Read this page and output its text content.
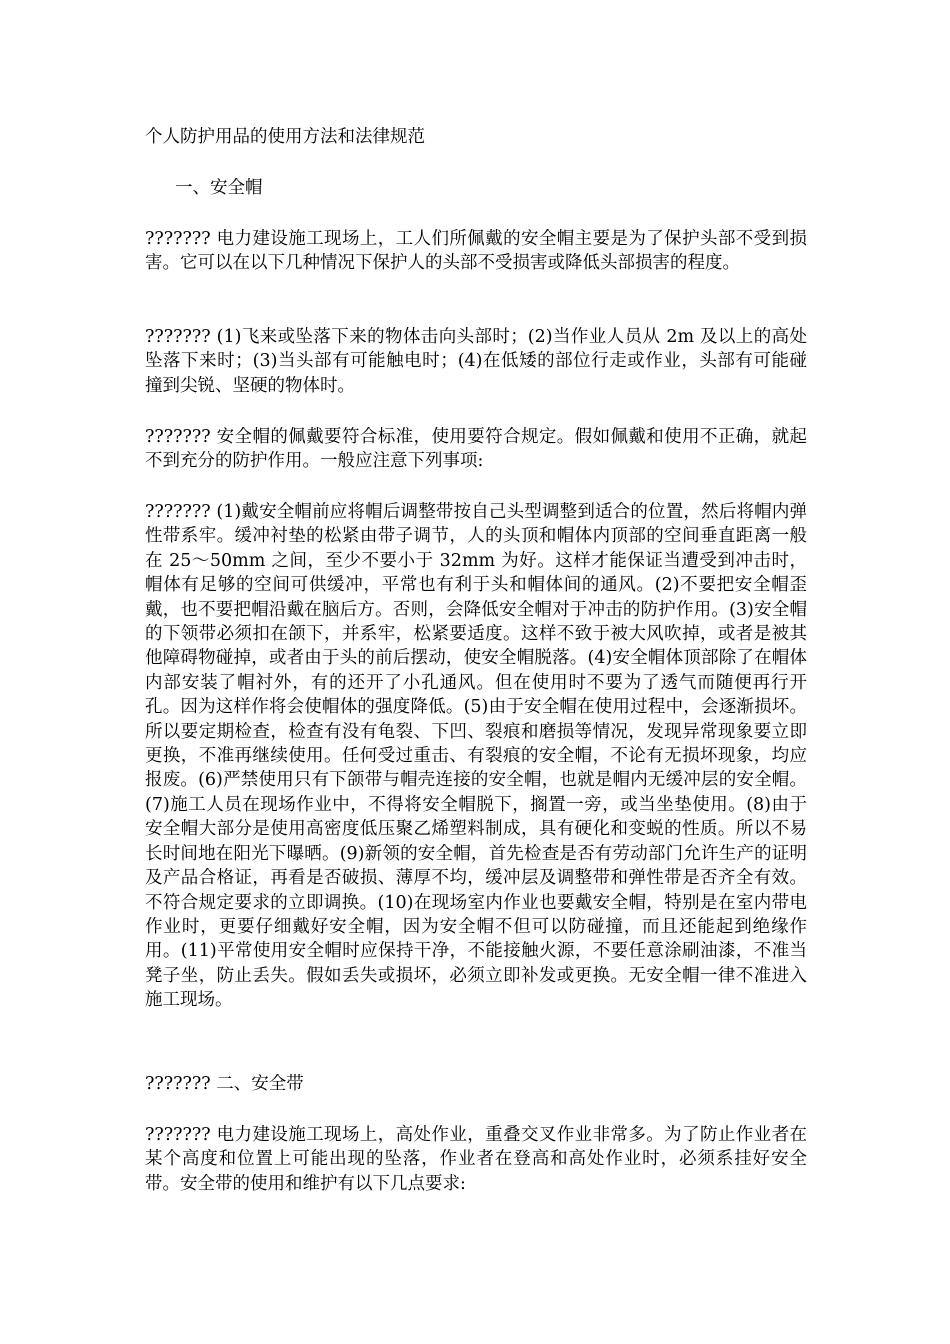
个人防护用品的使用方法和法律规范

一、安全帽

??????? 电力建设施工现场上，工人们所佩戴的安全帽主要是为了保护头部不受到损害。它可以在以下几种情况下保护人的头部不受损害或降低头部损害的程度。

??????? (1)飞来或坠落下来的物体击向头部时；(2)当作业人员从 2m 及以上的高处坠落下来时；(3)当头部有可能触电时；(4)在低矮的部位行走或作业，头部有可能碰撞到尖锐、坚硬的物体时。

??????? 安全帽的佩戴要符合标准，使用要符合规定。假如佩戴和使用不正确，就起不到充分的防护作用。一般应注意下列事项:

??????? (1)戴安全帽前应将帽后调整带按自己头型调整到适合的位置，然后将帽内弹性带系牢。缓冲衬垫的松紧由带子调节，人的头顶和帽体内顶部的空间垂直距离一般在 25～50mm 之间，至少不要小于 32mm 为好。这样才能保证当遭受到冲击时，帽体有足够的空间可供缓冲，平常也有利于头和帽体间的通风。(2)不要把安全帽歪戴，也不要把帽沿戴在脑后方。否则，会降低安全帽对于冲击的防护作用。(3)安全帽的下领带必须扣在颌下，并系牢，松紧要适度。这样不致于被大风吹掉，或者是被其他障碍物碰掉，或者由于头的前后摆动，使安全帽脱落。(4)安全帽体顶部除了在帽体内部安装了帽衬外，有的还开了小孔通风。但在使用时不要为了透气而随便再行开孔。因为这样作将会使帽体的强度降低。(5)由于安全帽在使用过程中，会逐渐损坏。所以要定期检查，检查有没有龟裂、下凹、裂痕和磨损等情况，发现异常现象要立即更换，不准再继续使用。任何受过重击、有裂痕的安全帽，不论有无损坏现象，均应报废。(6)严禁使用只有下颌带与帽壳连接的安全帽，也就是帽内无缓冲层的安全帽。(7)施工人员在现场作业中，不得将安全帽脱下，搁置一旁，或当坐垫使用。(8)由于安全帽大部分是使用高密度低压聚乙烯塑料制成，具有硬化和变蜕的性质。所以不易长时间地在阳光下曝晒。(9)新领的安全帽，首先检查是否有劳动部门允许生产的证明及产品合格证，再看是否破损、薄厚不均，缓冲层及调整带和弹性带是否齐全有效。不符合规定要求的立即调换。(10)在现场室内作业也要戴安全帽，特别是在室内带电作业时，更要仔细戴好安全帽，因为安全帽不但可以防碰撞，而且还能起到绝缘作用。(11)平常使用安全帽时应保持干净，不能接触火源，不要任意涂刷油漆，不准当凳子坐，防止丢失。假如丢失或损坏，必须立即补发或更换。无安全帽一律不准进入施工现场。

??????? 二、安全带

??????? 电力建设施工现场上，高处作业，重叠交叉作业非常多。为了防止作业者在某个高度和位置上可能出现的坠落，作业者在登高和高处作业时，必须系挂好安全带。安全带的使用和维护有以下几点要求:
